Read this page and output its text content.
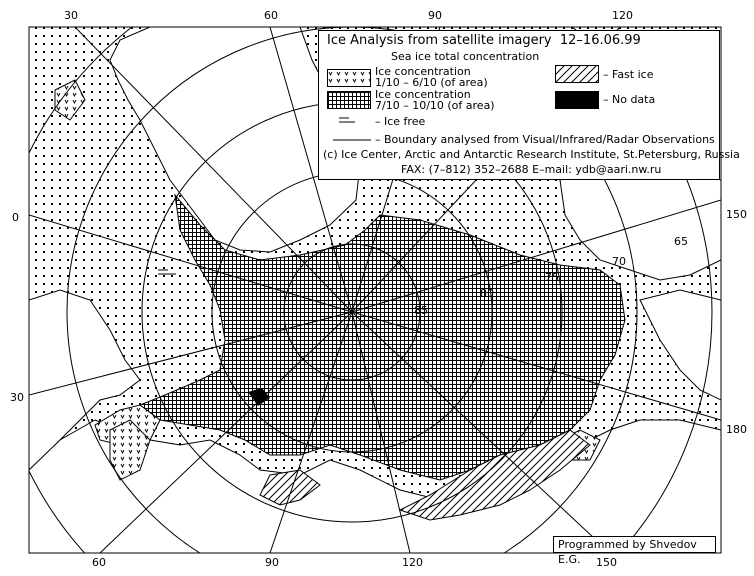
30	60	90	120
0
30
150
180
60	90	120	150
65
70
75
80
85
Ice Analysis from satellite imagery 12–16.06.99
Sea ice total concentration
Ice concentration
1/10 – 6/10 (of area)
Ice concentration
7/10 – 10/10 (of area)
– Ice free
– Fast ice
– No data
– Boundary analysed from Visual/Infrared/Radar Observations
(c) Ice Center, Arctic and Antarctic Research Institute, St.Petersburg, Russia
FAX: (7–812) 352–2688 E–mail: ydb@aari.nw.ru
Programmed by Shvedov E.G.
